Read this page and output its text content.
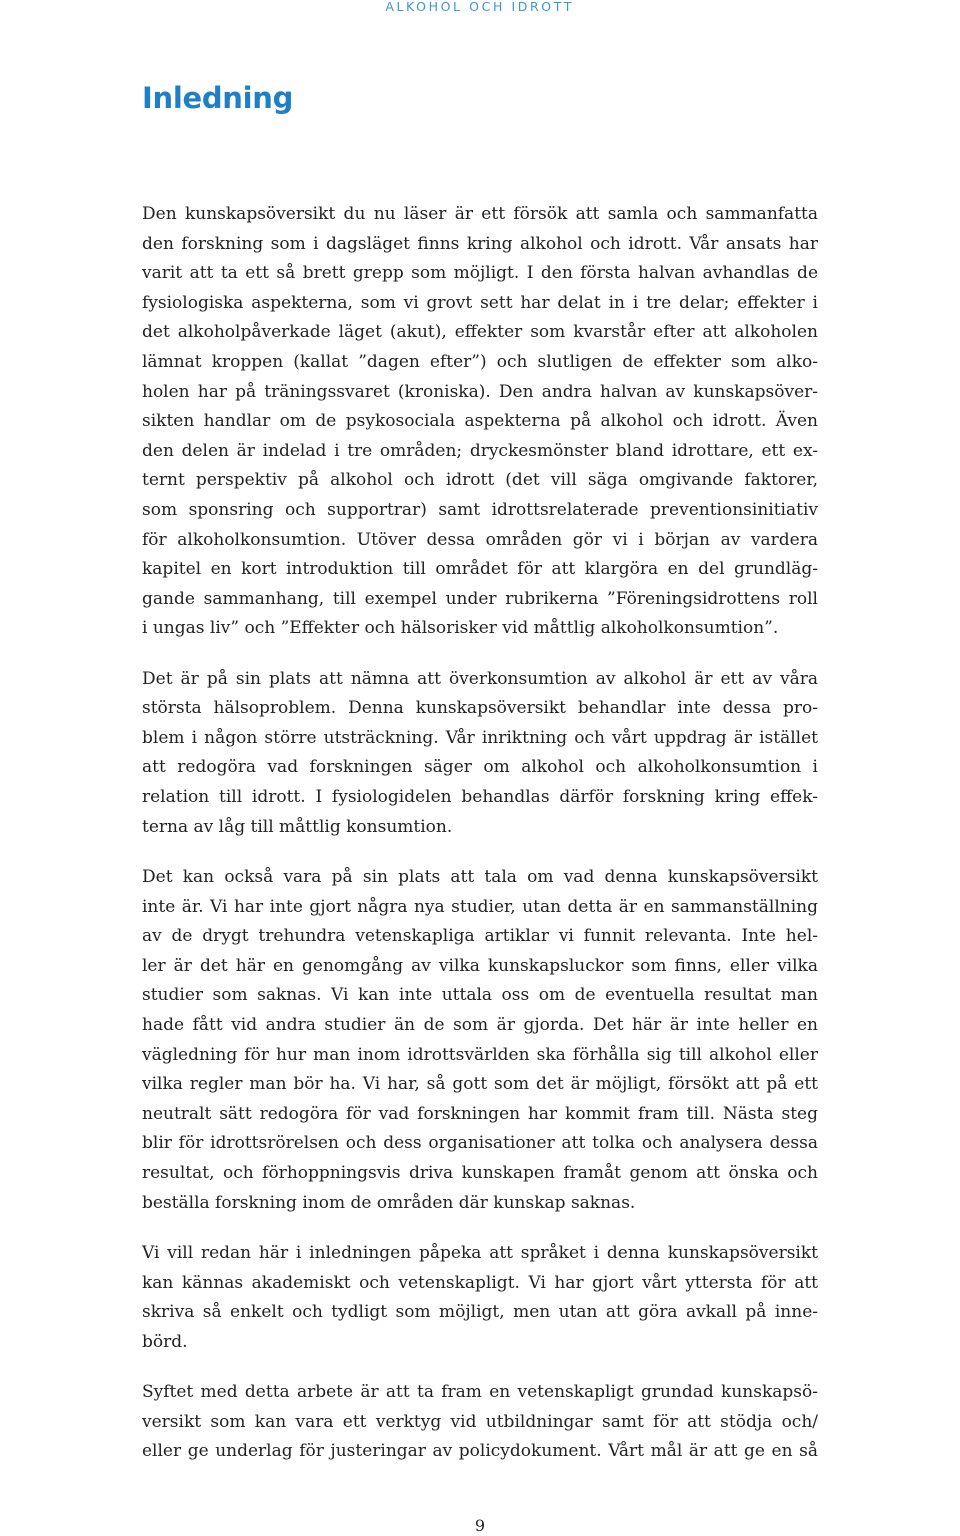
ALKOHOL OCH IDROTT
Inledning
Den kunskapsöversikt du nu läser är ett försök att samla och sammanfatta
den forskning som i dagsläget finns kring alkohol och idrott. Vår ansats har
varit att ta ett så brett grepp som möjligt. I den första halvan avhandlas de
fysiologiska aspekterna, som vi grovt sett har delat in i tre delar; effekter i
det alkoholpåverkade läget (akut), effekter som kvarstår efter att alkoholen
lämnat kroppen (kallat ”dagen efter”) och slutligen de effekter som alko-
holen har på träningssvaret (kroniska). Den andra halvan av kunskapsöver-
sikten handlar om de psykosociala aspekterna på alkohol och idrott. Även
den delen är indelad i tre områden; dryckesmönster bland idrottare, ett ex-
ternt perspektiv på alkohol och idrott (det vill säga omgivande faktorer,
som sponsring och supportrar) samt idrottsrelaterade preventionsinitiativ
för alkoholkonsumtion. Utöver dessa områden gör vi i början av vardera
kapitel en kort introduktion till området för att klargöra en del grundläg-
gande sammanhang, till exempel under rubrikerna ”Föreningsidrottens roll
i ungas liv” och ”Effekter och hälsorisker vid måttlig alkoholkonsumtion”.
Det är på sin plats att nämna att överkonsumtion av alkohol är ett av våra
största hälsoproblem. Denna kunskapsöversikt behandlar inte dessa pro-
blem i någon större utsträckning. Vår inriktning och vårt uppdrag är istället
att redogöra vad forskningen säger om alkohol och alkoholkonsumtion i
relation till idrott. I fysiologidelen behandlas därför forskning kring effek-
terna av låg till måttlig konsumtion.
Det kan också vara på sin plats att tala om vad denna kunskapsöversikt
inte är. Vi har inte gjort några nya studier, utan detta är en sammanställning
av de drygt trehundra vetenskapliga artiklar vi funnit relevanta. Inte hel-
ler är det här en genomgång av vilka kunskapsluckor som finns, eller vilka
studier som saknas. Vi kan inte uttala oss om de eventuella resultat man
hade fått vid andra studier än de som är gjorda. Det här är inte heller en
vägledning för hur man inom idrottsvärlden ska förhålla sig till alkohol eller
vilka regler man bör ha. Vi har, så gott som det är möjligt, försökt att på ett
neutralt sätt redogöra för vad forskningen har kommit fram till. Nästa steg
blir för idrottsrörelsen och dess organisationer att tolka och analysera dessa
resultat, och förhoppningsvis driva kunskapen framåt genom att önska och
beställa forskning inom de områden där kunskap saknas.
Vi vill redan här i inledningen påpeka att språket i denna kunskapsöversikt
kan kännas akademiskt och vetenskapligt. Vi har gjort vårt yttersta för att
skriva så enkelt och tydligt som möjligt, men utan att göra avkall på inne-
börd.
Syftet med detta arbete är att ta fram en vetenskapligt grundad kunskapsö-
versikt som kan vara ett verktyg vid utbildningar samt för att stödja och/
eller ge underlag för justeringar av policydokument. Vårt mål är att ge en så
9
